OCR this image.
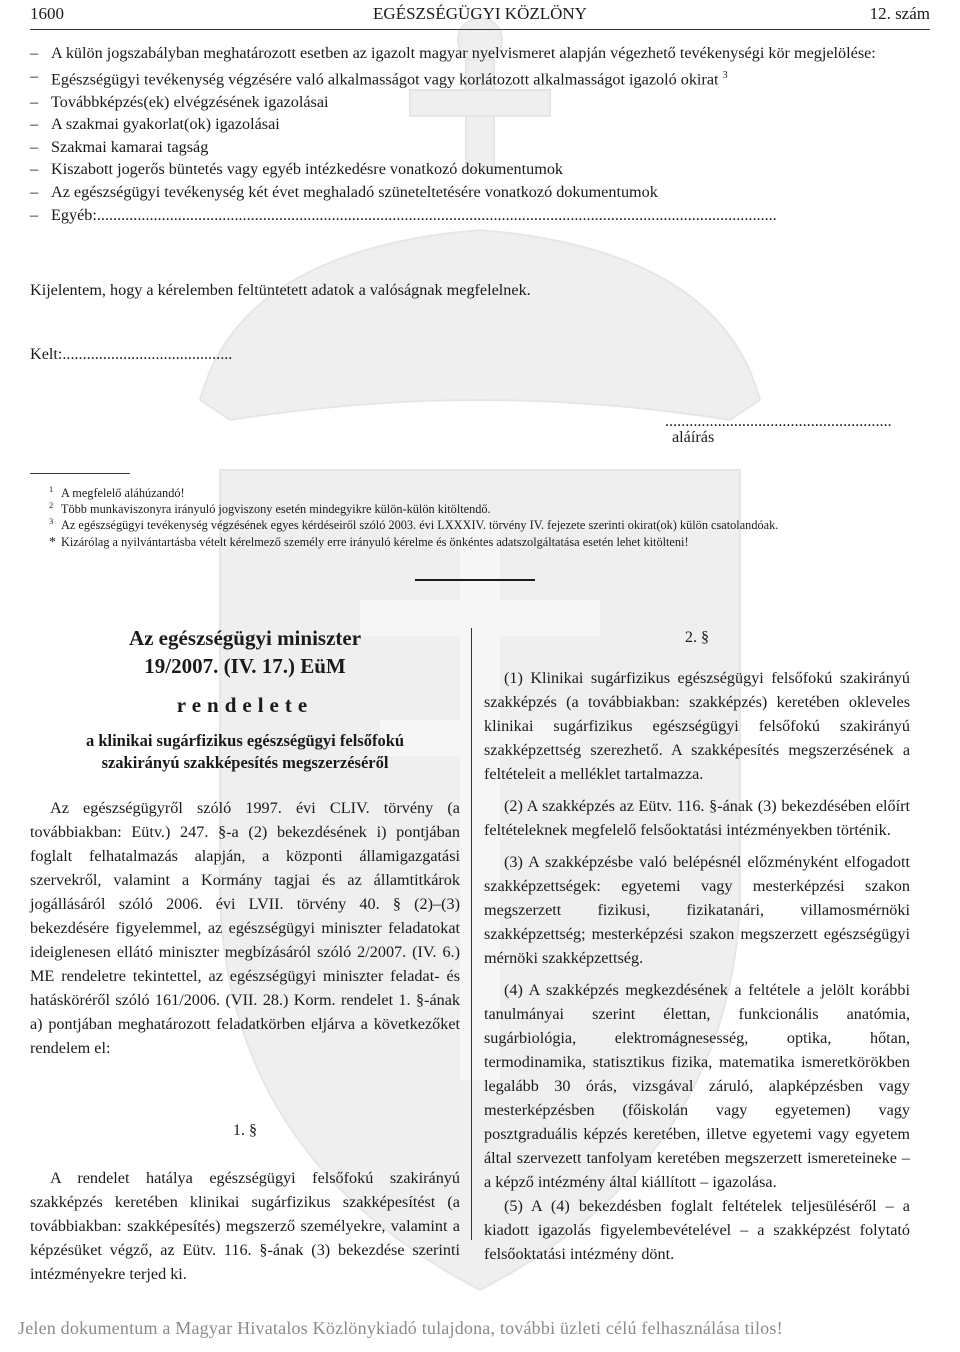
1600	EGÉSZSÉGÜGYI KÖZLÖNY	12. szám
– A külön jogszabályban meghatározott esetben az igazolt magyar nyelvismeret alapján végezhető tevékenységi kör megjelölése:
– Egészségügyi tevékenység végzésére való alkalmasságot vagy korlátozott alkalmasságot igazoló okirat $^3$
– Továbbképzés(ek) elvégzésének igazolásai
– A szakmai gyakorlat(ok) igazolásai
– Szakmai kamarai tagság
– Kiszabott jogerős büntetés vagy egyéb intézkedésre vonatkozó dokumentumok
– Az egészségügyi tevékenység két évet meghaladó szüneteltetésére vonatkozó dokumentumok
– Egyéb:........................................................................................................................................................................
Kijelentem, hogy a kérelemben feltüntetett adatok a valóságnak megfelelnek.
Kelt:..........................................
........................................................
aláírás
$^1$ A megfelelő aláhúzandó!
$^2$ Több munkaviszonyra irányuló jogviszony esetén mindegyikre külön-külön kitöltendő.
$^3$ Az egészségügyi tevékenység végzésének egyes kérdéseiről szóló 2003. évi LXXXIV. törvény IV. fejezete szerinti okirat(ok) külön csatolandóak.
* Kizárólag a nyilvántartásba vételt kérelmező személy erre irányuló kérelme és önkéntes adatszolgáltatása esetén lehet kitölteni!
Az egészségügyi miniszter
19/2007. (IV. 17.) EüM
rendelete
a klinikai sugárfizikus egészségügyi felsőfokú
szakirányú szakképesítés megszerzéséről
Az egészségügyről szóló 1997. évi CLIV. törvény (a továbbiakban: Eütv.) 247. §-a (2) bekezdésének i) pontjában foglalt felhatalmazás alapján, a központi államigazgatási szervekről, valamint a Kormány tagjai és az államtitkárok jogállásáról szóló 2006. évi LVII. törvény 40. § (2)–(3) bekezdésére figyelemmel, az egészségügyi miniszter feladatokat ideiglenesen ellátó miniszter megbízásáról szóló 2/2007. (IV. 6.) ME rendeletre tekintettel, az egészségügyi miniszter feladat- és hatásköréről szóló 161/2006. (VII. 28.) Korm. rendelet 1. §-ának a) pontjában meghatározott feladatkörben eljárva a következőket rendelem el:
1. §
A rendelet hatálya egészségügyi felsőfokú szakirányú szakképzés keretében klinikai sugárfizikus szakképesítést (a továbbiakban: szakképesítés) megszerző személyekre, valamint a képzésüket végző, az Eütv. 116. §-ának (3) bekezdése szerinti intézményekre terjed ki.
2. §
(1) Klinikai sugárfizikus egészségügyi felsőfokú szakirányú szakképzés (a továbbiakban: szakképzés) keretében okleveles klinikai sugárfizikus egészségügyi felsőfokú szakirányú szakképzettség szerezhető. A szakképesítés megszerzésének a feltételeit a melléklet tartalmazza.
(2) A szakképzés az Eütv. 116. §-ának (3) bekezdésében előírt feltételeknek megfelelő felsőoktatási intézményekben történik.
(3) A szakképzésbe való belépésnél előzményként elfogadott szakképzettségek: egyetemi vagy mesterképzési szakon megszerzett fizikusi, fizikatanári, villamosmérnöki szakképzettség; mesterképzési szakon megszerzett egészségügyi mérnöki szakképzettség.
(4) A szakképzés megkezdésének a feltétele a jelölt korábbi tanulmányai szerint élettan, funkcionális anatómia, sugárbiológia, elektromágnesesség, optika, hőtan, termodinamika, statisztikus fizika, matematika ismeretkörökben legalább 30 órás, vizsgával záruló, alapképzésben vagy mesterképzésben (főiskolán vagy egyetemen) vagy posztgraduális képzés keretében, illetve egyetemi vagy egyetem által szervezett tanfolyam keretében megszerzett ismereteineke – a képző intézmény által kiállított – igazolása.
(5) A (4) bekezdésben foglalt feltételek teljesüléséről – a kiadott igazolás figyelembevételével – a szakképzést folytató felsőoktatási intézmény dönt.
Jelen dokumentum a Magyar Hivatalos Közlönykiadó tulajdona, további üzleti célú felhasználása tilos!
